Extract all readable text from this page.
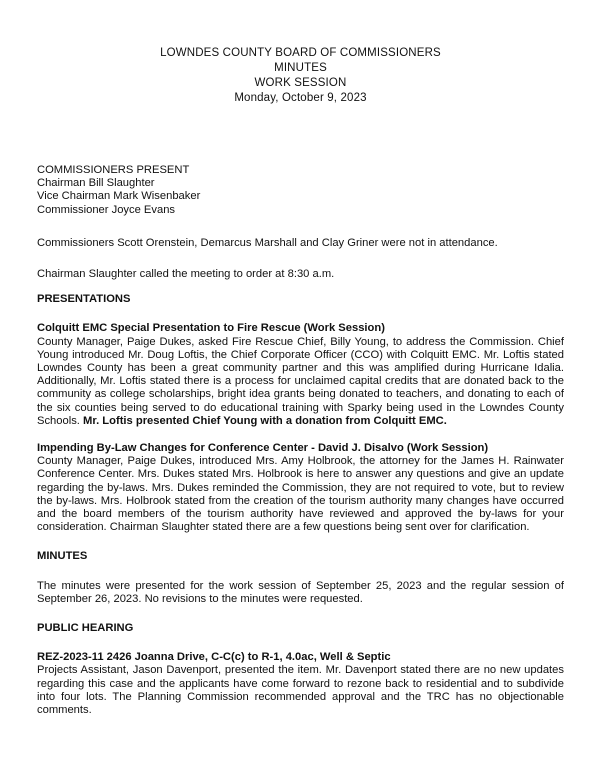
LOWNDES COUNTY BOARD OF COMMISSIONERS
MINUTES
WORK SESSION
Monday, October 9, 2023
COMMISSIONERS PRESENT
Chairman Bill Slaughter
Vice Chairman Mark Wisenbaker
Commissioner Joyce Evans
Commissioners Scott Orenstein, Demarcus Marshall and Clay Griner were not in attendance.
Chairman Slaughter called the meeting to order at 8:30 a.m.
PRESENTATIONS
Colquitt EMC Special Presentation to Fire Rescue (Work Session)

County Manager, Paige Dukes, asked Fire Rescue Chief, Billy Young, to address the Commission. Chief Young introduced Mr. Doug Loftis, the Chief Corporate Officer (CCO) with Colquitt EMC. Mr. Loftis stated Lowndes County has been a great community partner and this was amplified during Hurricane Idalia. Additionally, Mr. Loftis stated there is a process for unclaimed capital credits that are donated back to the community as college scholarships, bright idea grants being donated to teachers, and donating to each of the six counties being served to do educational training with Sparky being used in the Lowndes County Schools. Mr. Loftis presented Chief Young with a donation from Colquitt EMC.

Impending By-Law Changes for Conference Center - David J. Disalvo (Work Session)

County Manager, Paige Dukes, introduced Mrs. Amy Holbrook, the attorney for the James H. Rainwater Conference Center. Mrs. Dukes stated Mrs. Holbrook is here to answer any questions and give an update regarding the by-laws. Mrs. Dukes reminded the Commission, they are not required to vote, but to review the by-laws. Mrs. Holbrook stated from the creation of the tourism authority many changes have occurred and the board members of the tourism authority have reviewed and approved the by-laws for your consideration. Chairman Slaughter stated there are a few questions being sent over for clarification.

MINUTES

The minutes were presented for the work session of September 25, 2023 and the regular session of September 26, 2023. No revisions to the minutes were requested.

PUBLIC HEARING
REZ-2023-11 2426 Joanna Drive, C-C(c) to R-1, 4.0ac, Well & Septic

Projects Assistant, Jason Davenport, presented the item. Mr. Davenport stated there are no new updates regarding this case and the applicants have come forward to rezone back to residential and to subdivide into four lots. The Planning Commission recommended approval and the TRC has no objectionable comments.
